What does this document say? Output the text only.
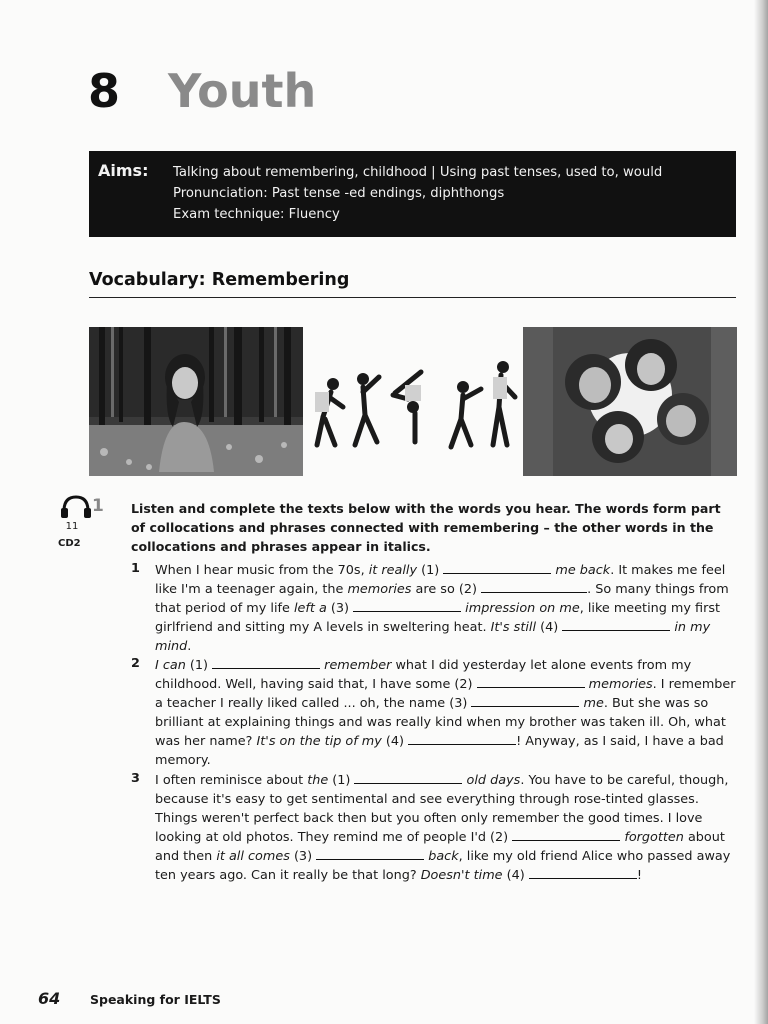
8 Youth
Aims: Talking about remembering, childhood | Using past tenses, used to, would
Pronunciation: Past tense -ed endings, diphthongs
Exam technique: Fluency
Vocabulary: Remembering
1
11
CD2
Listen and complete the texts below with the words you hear. The words form part of collocations and phrases connected with remembering – the other words in the collocations and phrases appear in italics.
1 When I hear music from the 70s, it really (1)	me back. It makes me feel like I'm a teenager again, the memories are so (2)	. So many things from that period of my life left a (3)	impression on me, like meeting my first girlfriend and sitting my A levels in sweltering heat. It's still (4)	in my mind.
2 I can (1)	remember what I did yesterday let alone events from my childhood. Well, having said that, I have some (2)	memories. I remember a teacher I really liked called ... oh, the name (3)	me. But she was so brilliant at explaining things and was really kind when my brother was taken ill. Oh, what was her name? It's on the tip of my (4)	! Anyway, as I said, I have a bad memory.
3 I often reminisce about the (1)	old days. You have to be careful, though, because it's easy to get sentimental and see everything through rose-tinted glasses. Things weren't perfect back then but you often only remember the good times. I love looking at old photos. They remind me of people I'd (2)	forgotten about and then it all comes (3)	back, like my old friend Alice who passed away ten years ago. Can it really be that long? Doesn't time (4)	!
64 Speaking for IELTS
